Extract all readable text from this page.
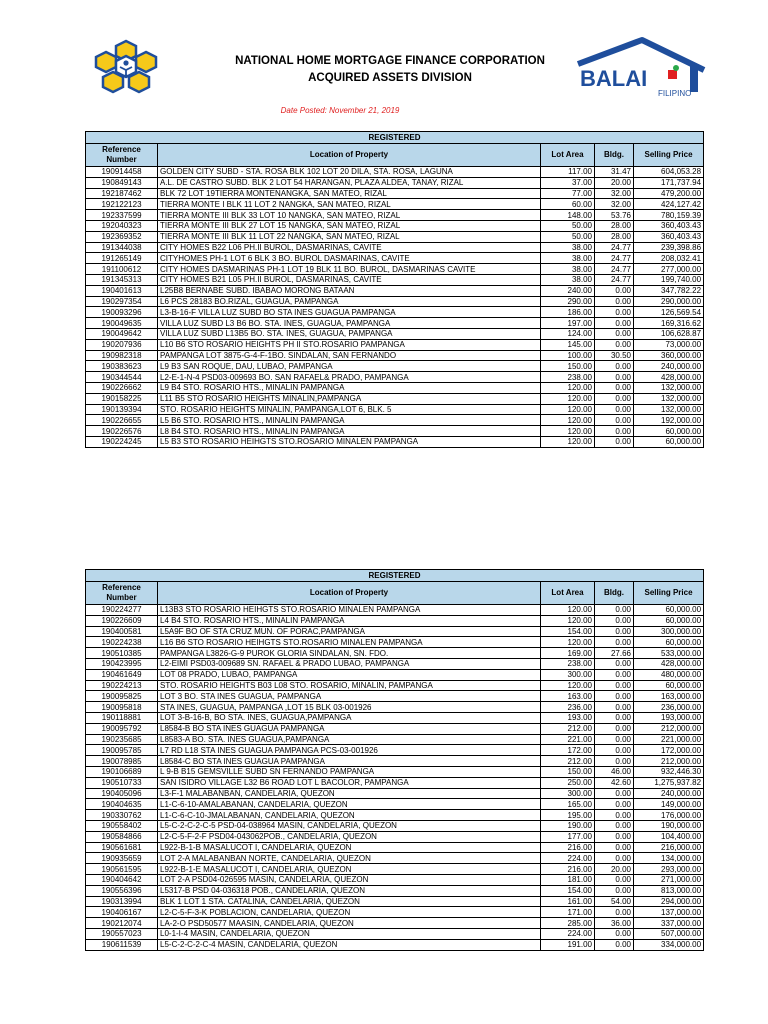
NATIONAL HOME MORTGAGE FINANCE CORPORATION
ACQUIRED ASSETS DIVISION	BALAI
FILIPINO
Date Posted: November 21, 2019
REGISTERED				
Reference Number	Location of Property	Lot Area	Bldg.	Selling Price
190914458	GOLDEN CITY SUBD - STA. ROSA BLK 102 LOT 20 DILA, STA. ROSA, LAGUNA	117.00	31.47	604,053.28
190849143	A.L. DE CASTRO SUBD. BLK 2 LOT 54 HARANGAN, PLAZA ALDEA, TANAY, RIZAL	37.00	20.00	171,737.94
192187462	BLK 72 LOT 19TIERRA MONTENANGKA, SAN MATEO, RIZAL	77.00	32.00	479,200.00
192122123	TIERRA MONTE I BLK 11 LOT 2 NANGKA, SAN MATEO, RIZAL	60.00	32.00	424,127.42
192337599	TIERRA MONTE III BLK 33 LOT 10 NANGKA, SAN MATEO, RIZAL	148.00	53.76	780,159.39
192040323	TIERRA MONTE III BLK 27 LOT 15 NANGKA, SAN MATEO, RIZAL	50.00	28.00	360,403.43
192369352	TIERRA MONTE III BLK 11 LOT 22 NANGKA, SAN MATEO, RIZAL	50.00	28.00	360,403.43
191344038	CITY HOMES B22 L06 PH.II BUROL, DASMARINAS, CAVITE	38.00	24.77	239,398.86
191265149	CITYHOMES PH-1 LOT 6 BLK 3 BO. BUROL DASMARINAS, CAVITE	38.00	24.77	208,032.41
191100612	CITY HOMES DASMARINAS PH-1 LOT 19 BLK 11 BO. BUROL, DASMARINAS CAVITE	38.00	24.77	277,000.00
191345313	CITY HOMES B21 L05 PH.II BUROL, DASMARINAS, CAVITE	38.00	24.77	199,740.00
190401613	L25B8 BERNABE SUBD. IBABAO MORONG BATAAN	240.00	0.00	347,782.22
190297354	L6 PCS 28183 BO.RIZAL, GUAGUA, PAMPANGA	290.00	0.00	290,000.00
190093296	L3-B-16-F VILLA LUZ SUBD BO STA INES GUAGUA PAMPANGA	186.00	0.00	126,569.54
190049635	VILLA LUZ SUBD L3 B6 BO. STA. INES, GUAGUA, PAMPANGA	197.00	0.00	169,316.62
190049642	VILLA LUZ SUBD L13B5 BO. STA. INES, GUAGUA, PAMPANGA	124.00	0.00	106,628.87
190207936	L10 B6 STO ROSARIO HEIGHTS PH II STO.ROSARIO PAMPANGA	145.00	0.00	73,000.00
190982318	PAMPANGA LOT 3875-G-4-F-1BO. SINDALAN, SAN FERNANDO	100.00	30.50	360,000.00
190383623	L9 B3 SAN ROQUE, DAU, LUBAO, PAMPANGA	150.00	0.00	240,000.00
190344544	L2-E-1-N-4 PSD03-009693 BO. SAN RAFAEL& PRADO, PAMPANGA	238.00	0.00	428,000.00
190226662	L9 B4 STO. ROSARIO HTS., MINALIN PAMPANGA	120.00	0.00	132,000.00
190158225	L11 B5 STO ROSARIO HEIGHTS MINALIN,PAMPANGA	120.00	0.00	132,000.00
190139394	STO. ROSARIO HEIGHTS MINALIN, PAMPANGA,LOT 6, BLK. 5	120.00	0.00	132,000.00
190226655	L5 B6 STO. ROSARIO HTS., MINALIN PAMPANGA	120.00	0.00	192,000.00
190226576	L8 B4 STO. ROSARIO HTS., MINALIN PAMPANGA	120.00	0.00	60,000.00
190224245	L5 B3 STO ROSARIO HEIHGTS STO.ROSARIO MINALEN PAMPANGA	120.00	0.00	60,000.00
REGISTERED				
Reference Number	Location of Property	Lot Area	Bldg.	Selling Price
190224277	L13B3 STO ROSARIO HEIHGTS STO.ROSARIO MINALEN PAMPANGA	120.00	0.00	60,000.00
190226609	L4 B4 STO. ROSARIO HTS., MINALIN PAMPANGA	120.00	0.00	60,000.00
190400581	L5A9F BO OF STA CRUZ MUN. OF PORAC,PAMPANGA	154.00	0.00	300,000.00
190224238	L16 B6 STO ROSARIO HEIHGTS STO.ROSARIO MINALEN PAMPANGA	120.00	0.00	60,000.00
190510385	PAMPANGA L3826-G-9 PUROK GLORIA SINDALAN, SN. FDO.	169.00	27.66	533,000.00
190423995	L2-EIMI PSD03-009689 SN. RAFAEL & PRADO LUBAO, PAMPANGA	238.00	0.00	428,000.00
190461649	LOT 08 PRADO, LUBAO, PAMPANGA	300.00	0.00	480,000.00
190224213	STO. ROSARIO HEIGHTS B03 L08 STO. ROSARIO, MINALIN, PAMPANGA	120.00	0.00	60,000.00
190095825	LOT 3 BO. STA INES GUAGUA, PAMPANGA	163.00	0.00	163,000.00
190095818	STA INES, GUAGUA, PAMPANGA ,LOT 15 BLK 03-001926	236.00	0.00	236,000.00
190118881	LOT 3-B-16-B, BO STA. INES, GUAGUA,PAMPANGA	193.00	0.00	193,000.00
190095792	L8584-B BO STA INES GUAGUA PAMPANGA	212.00	0.00	212,000.00
190235685	L8583-A BO. STA. INES GUAGUA,PAMPANGA	221.00	0.00	221,000.00
190095785	L7 RD L18 STA INES GUAGUA PAMPANGA PCS-03-001926	172.00	0.00	172,000.00
190078985	L8584-C BO STA INES GUAGUA PAMPANGA	212.00	0.00	212,000.00
190106689	L 9-B B15 GEMSVILLE SUBD SN FERNANDO PAMPANGA	150.00	46.00	932,446.30
190510733	SAN ISIDRO VILLAGE L32 B6 ROAD LOT L BACOLOR, PAMPANGA	250.00	42.60	1,275,937.82
190405096	L3-F-1 MALABANBAN, CANDELARIA, QUEZON	300.00	0.00	240,000.00
190404635	L1-C-6-10-AMALABANAN, CANDELARIA, QUEZON	165.00	0.00	149,000.00
190330762	L1-C-6-C-10-JMALABANAN, CANDELARIA, QUEZON	195.00	0.00	176,000.00
190558402	L5-C-2-C-2-C-5 PSD-04-038964 MASIN, CANDELARIA, QUEZON	190.00	0.00	190,000.00
190584866	L2-C-5-F-2-F PSD04-043062POB., CANDELARIA, QUEZON	177.00	0.00	104,400.00
190561681	L922-B-1-B MASALUCOT I, CANDELARIA, QUEZON	216.00	0.00	216,000.00
190935659	LOT 2-A MALABANBAN NORTE, CANDELARIA, QUEZON	224.00	0.00	134,000.00
190561595	L922-B-1-E MASALUCOT I, CANDELARIA, QUEZON	216.00	20.00	293,000.00
190404642	LOT 2-A PSD04-026595 MASIN, CANDELARIA, QUEZON	181.00	0.00	271,000.00
190556396	L5317-B PSD 04-036318 POB., CANDELARIA, QUEZON	154.00	0.00	813,000.00
190313994	BLK 1 LOT 1 STA. CATALINA, CANDELARIA, QUEZON	161.00	54.00	294,000.00
190406167	L2-C-5-F-3-K POBLACION, CANDELARIA, QUEZON	171.00	0.00	137,000.00
190212074	LA-2-O PSD50577 MAASIN, CANDELARIA, QUEZON	285.00	36.00	337,000.00
190557023	L0-1-I-4 MASIN, CANDELARIA, QUEZON	224.00	0.00	507,000.00
190611539	L5-C-2-C-2-C-4 MASIN, CANDELARIA, QUEZON	191.00	0.00	334,000.00
